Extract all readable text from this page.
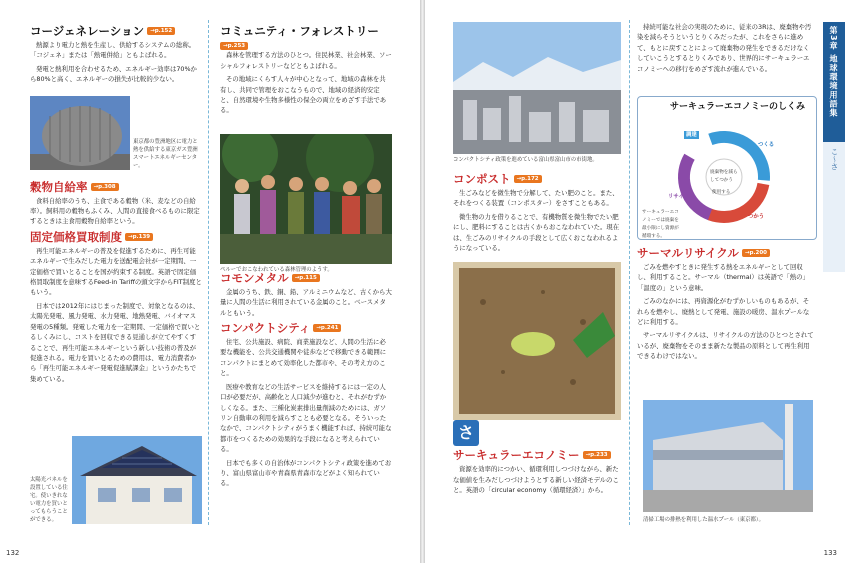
コージェネレーション	→p.152

熱源より電力と熱を生産し、供給するシステムの総称。「コジェネ」または「熱電併給」ともよばれる。

発電と熱利用を合わせるため、エネルギー効率は70%から80%と高く、エネルギーの損失が比較的少ない。

穀物自給率	→p.308

食料自給率のうち、主食である穀物（米、麦などの自給率）。飼料用の穀物もふくみ、人間の直接食べるものに限定するときは主食用穀物自給率という。

固定価格買取制度	→p.139

再生可能エネルギーの普及を促進するために、再生可能エネルギーで生みだした電力を送配電会社が一定期間、一定価格で買いとることを国が約束する制度。英語で固定価格買取制度を意味するFeed-in Tariffの頭文字からFIT制度ともいう。

日本では2012年にはじまった制度で、対象となるのは、太陽光発電、風力発電、水力発電、地熱発電、バイオマス発電の5種類。発電した電力を一定期間、一定価格で買いとるしくみにし、コストを回収できる見通しが立てやすくすることで、再生可能エネルギーという新しい技術の普及が促進される。電力を買いとるための費用は、電力消費者から「再生可能エネルギー発電促進賦課金」というかたちで集めている。

東京都の豊洲地区に電力と熱を供給する東京ガス豊洲スマートエネルギーセンター。
太陽光パネルを設置している住宅。使いきれない電力を買いとってもらうことができる。
コミュニティ・フォレストリー
→p.253

森林を管理する方法のひとつ。住民林業、社会林業、ソーシャルフォレストリーなどともよばれる。

その地域にくらす人々が中心となって、地域の森林を共有し、共同で管理をおこなうもので、地域の経済的安定と、自然環境や生物多様性の保全の両立をめざす手法である。

コモンメタル	→p.115

金属のうち、鉄、銅、鉛、アルミニウムなど、古くから大量に人間の生活に利用されている金属のこと。ベースメタルともいう。

コンパクトシティ	→p.241

住宅、公共施設、病院、商業施設など、人間の生活に必要な機能を、公共交通機関や徒歩などで移動できる範囲にコンパクトにまとめて効率化した都市や、その考え方のこと。

医療や教育などの生活サービスを維持するには一定の人口が必要だが、高齢化と人口減少が進むと、それがむずかしくなる。また、三種化炭素排出量削減のためには、ガソリン自動車の利用を減らすことも必要となる。そういったなかで、コンパクトシティがうまく機能すれば、持続可能な都市をつくるための効果的な手段になると考えられている。

日本でも多くの自治体がコンパクトシティ政策を進めており、富山県富山市や青森県青森市などがよく知られている。

ペルーでおこなわれている森林管理のようす。
132
コンパクトシティ政策を進めている富山県富山市の市街地。
コンポスト	→p.172

生ごみなどを微生物で分解して、たい肥のこと。また、それをつくる装置（コンポスター）をさすこともある。

微生物の力を借りることで、有機物質を微生物でたい肥にし、肥料にすることは古くからおこなわれていた。現在は、生ごみのリサイクルの手段として広くおこなわれるようになっている。

さ
サーキュラーエコノミー	→p.233

資源を効率的につかい、循環利用しつづけながら、新たな価値を生みだしつづけようとする新しい経済モデルのこと。英語の「circular economy（循環経済）」から。

持続可能な社会の実現のために、従来の3Rは、廃棄物や汚染を減らそうというとりくみだったが、これをさらに進めて、もとに戻すことによって廃棄物の発生をできるだけなくしていこうとするとりくみであり、世界的にサーキュラーエコノミーへの移行をめざす流れが進んでいる。

サーキュラーエコノミーのしくみ
調達
つくる
つかう
リサイクル
廃棄物を減らしてつかう
使用する
サーキュラーエコノミーでは廃棄を最小限にし資源が循環する。
サーマルリサイクル	→p.200

ごみを燃やすときに発生する熱をエネルギーとして回収し、利用すること。サーマル（thermal）は英語で「熱の」「温度の」という意味。

ごみのなかには、再資源化がむずかしいものもあるが、それらを燃やし、廃熱として発電、施設の暖房、温水プールなどに利用する。

サーマルリサイクルは、リサイクルの方法のひとつとされているが、廃棄物をそのまま新たな製品の原料として再生利用できるわけではない。

清掃工場の排熱を利用した温水プール（東京都）。
第3章 地球環境用語集
こ〜さ
133
